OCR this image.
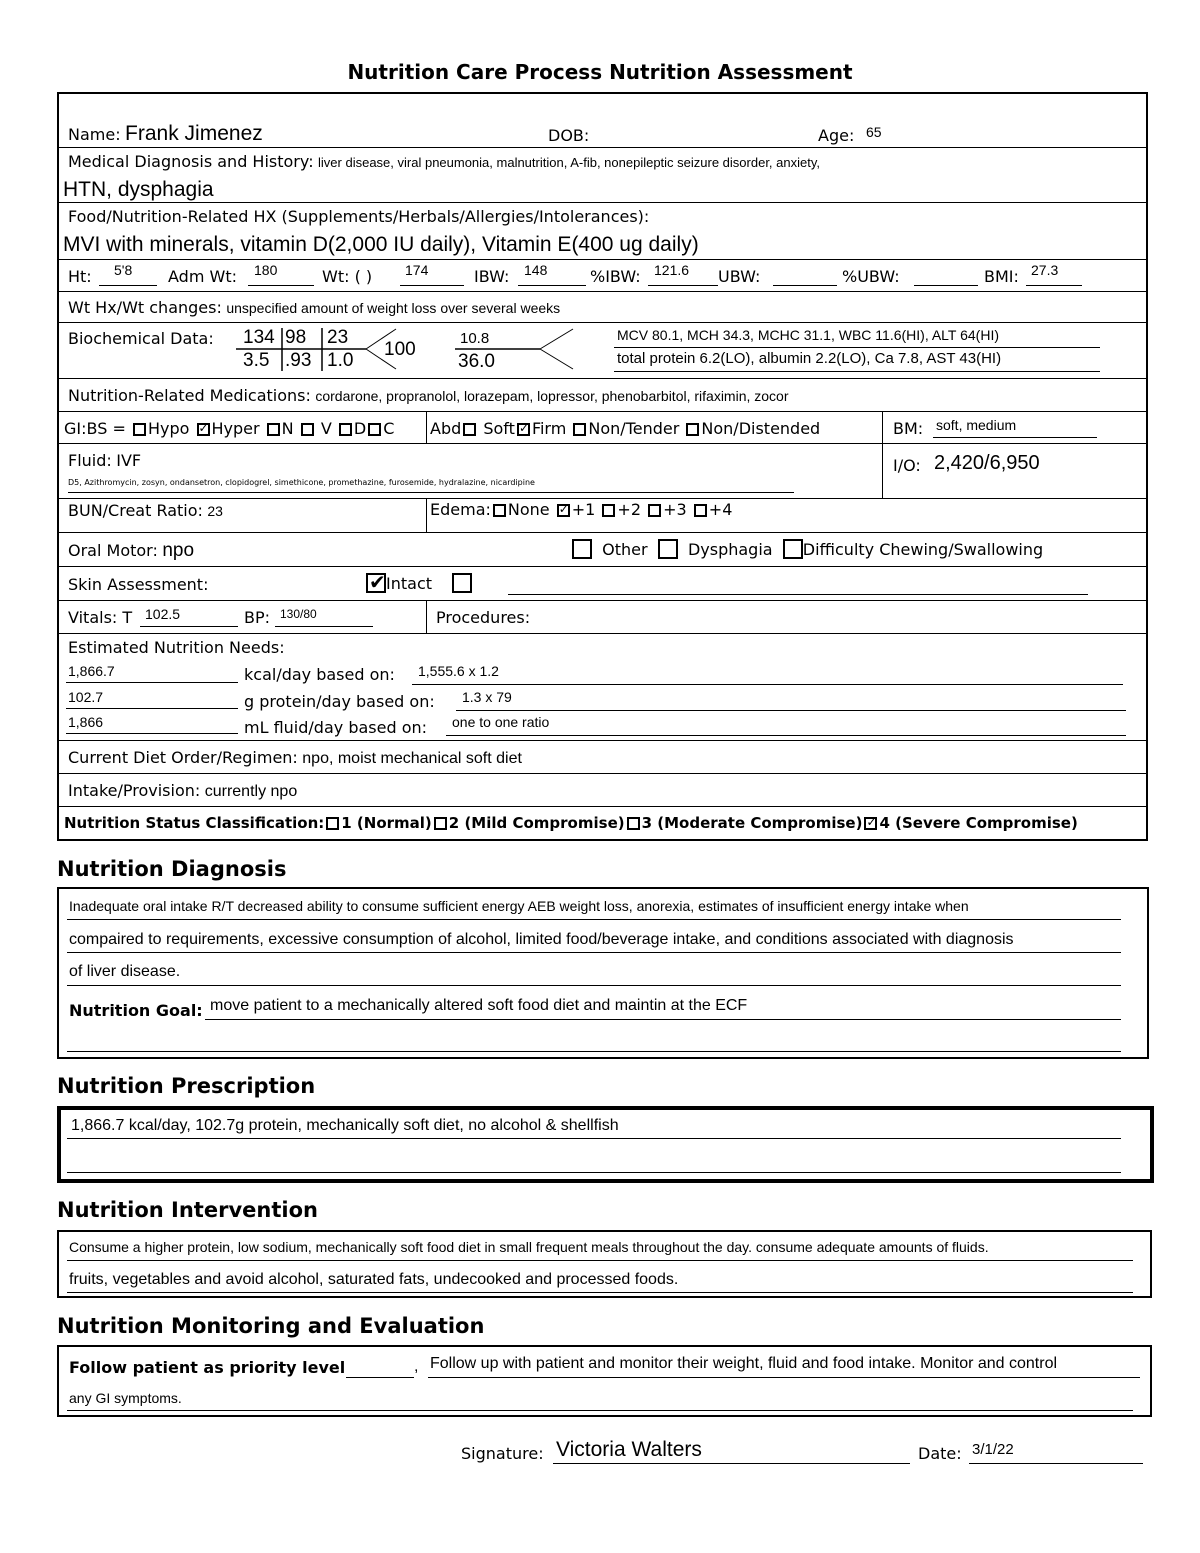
Nutrition Care Process Nutrition Assessment
Name: Frank Jimenez	DOB:	Age: 65
Medical Diagnosis and History: liver disease, viral pneumonia, malnutrition, A-fib, nonepileptic seizure disorder, anxiety,
HTN, dysphagia
Food/Nutrition-Related HX (Supplements/Herbals/Allergies/Intolerances):
MVI with minerals, vitamin D(2,000 IU daily), Vitamin E(400 ug daily)
Ht: 5'8 Adm Wt: 180	Wt: ( ) 174	IBW: 148	%IBW: 121.6 UBW:	%UBW:	BMI: 27.3
Wt Hx/Wt changes: unspecified amount of weight loss over several weeks
Biochemical Data: 134 98 23
3.5 .93 1.0
100
10.8
36.0
MCV 80.1, MCH 34.3, MCHC 31.1, WBC 11.6(HI), ALT 64(HI)
total protein 6.2(LO), albumin 2.2(LO), Ca 7.8, AST 43(HI)
Nutrition-Related Medications: cordarone, propranolol, lorazepam, lopressor, phenobarbitol, rifaximin, zocor
GI:BS = Hypo ✓ Hyper N V D C Abd Soft ✓ Firm Non/Tender Non/Distended	BM: soft, medium
Fluid: IVF
D5, Azithromycin, zosyn, ondansetron, clopidogrel, simethicone, promethazine, furosemide, hydralazine, nicardipine
I/O: 2,420/6,950
BUN/Creat Ratio: 23	Edema: None ✓ +1 +2 +3 +4
Oral Motor: npo	Other	Dysphagia Difficulty Chewing/Swallowing
Skin Assessment: ✔	Intact
Vitals: T 102.5	BP: 130/80	Procedures:
Estimated Nutrition Needs:
1,866.7	kcal/day based on: 1,555.6 x 1.2
102.7	g protein/day based on: 1.3 x 79
1,866	mL fluid/day based on: one to one ratio
Current Diet Order/Regimen: npo, moist mechanical soft diet
Intake/Provision: currently npo
Nutrition Status Classification: 1 (Normal) 2 (Mild Compromise) 3 (Moderate Compromise) ✓ 4 (Severe Compromise)
Nutrition Diagnosis
Inadequate oral intake R/T decreased ability to consume sufficient energy AEB weight loss, anorexia, estimates of insufficient energy intake when
compaired to requirements, excessive consumption of alcohol, limited food/beverage intake, and conditions associated with diagnosis
of liver disease.
Nutrition Goal: move patient to a mechanically altered soft food diet and maintin at the ECF
Nutrition Prescription
1,866.7 kcal/day, 102.7g protein, mechanically soft diet, no alcohol & shellfish
Nutrition Intervention
Consume a higher protein, low sodium, mechanically soft food diet in small frequent meals throughout the day. consume adequate amounts of fluids.
fruits, vegetables and avoid alcohol, saturated fats, undecooked and processed foods.
Nutrition Monitoring and Evaluation
Follow patient as priority level	, Follow up with patient and monitor their weight, fluid and food intake. Monitor and control
any GI symptoms.
Signature: Victoria Walters	Date: 3/1/22
